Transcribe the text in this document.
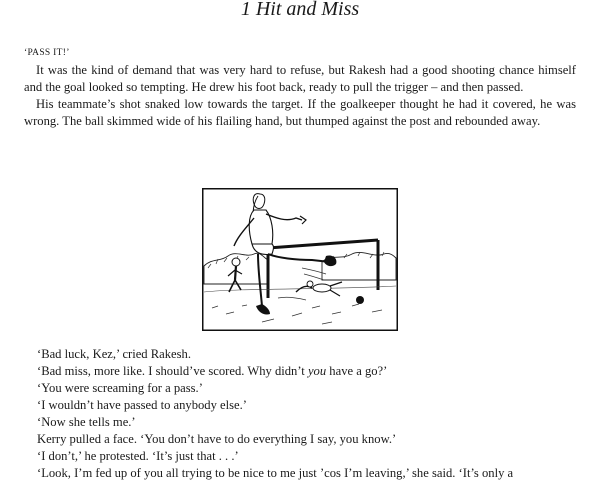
1 Hit and Miss

‘PASS IT!’

It was the kind of demand that was very hard to refuse, but Rakesh had a good shooting chance himself and the goal looked so tempting. He drew his foot back, ready to pull the trigger – and then passed.

His teammate’s shot snaked low towards the target. If the goalkeeper thought he had it covered, he was wrong. The ball skimmed wide of his flailing hand, but thumped against the post and rebounded away.

‘Bad luck, Kez,’ cried Rakesh.

‘Bad miss, more like. I should’ve scored. Why didn’t you have a go?’

‘You were screaming for a pass.’

‘I wouldn’t have passed to anybody else.’

‘Now she tells me.’

Kerry pulled a face. ‘You don’t have to do everything I say, you know.’

‘I don’t,’ he protested. ‘It’s just that . . .’

‘Look, I’m fed up of you all trying to be nice to me just ’cos I’m leaving,’ she said. ‘It’s only a
